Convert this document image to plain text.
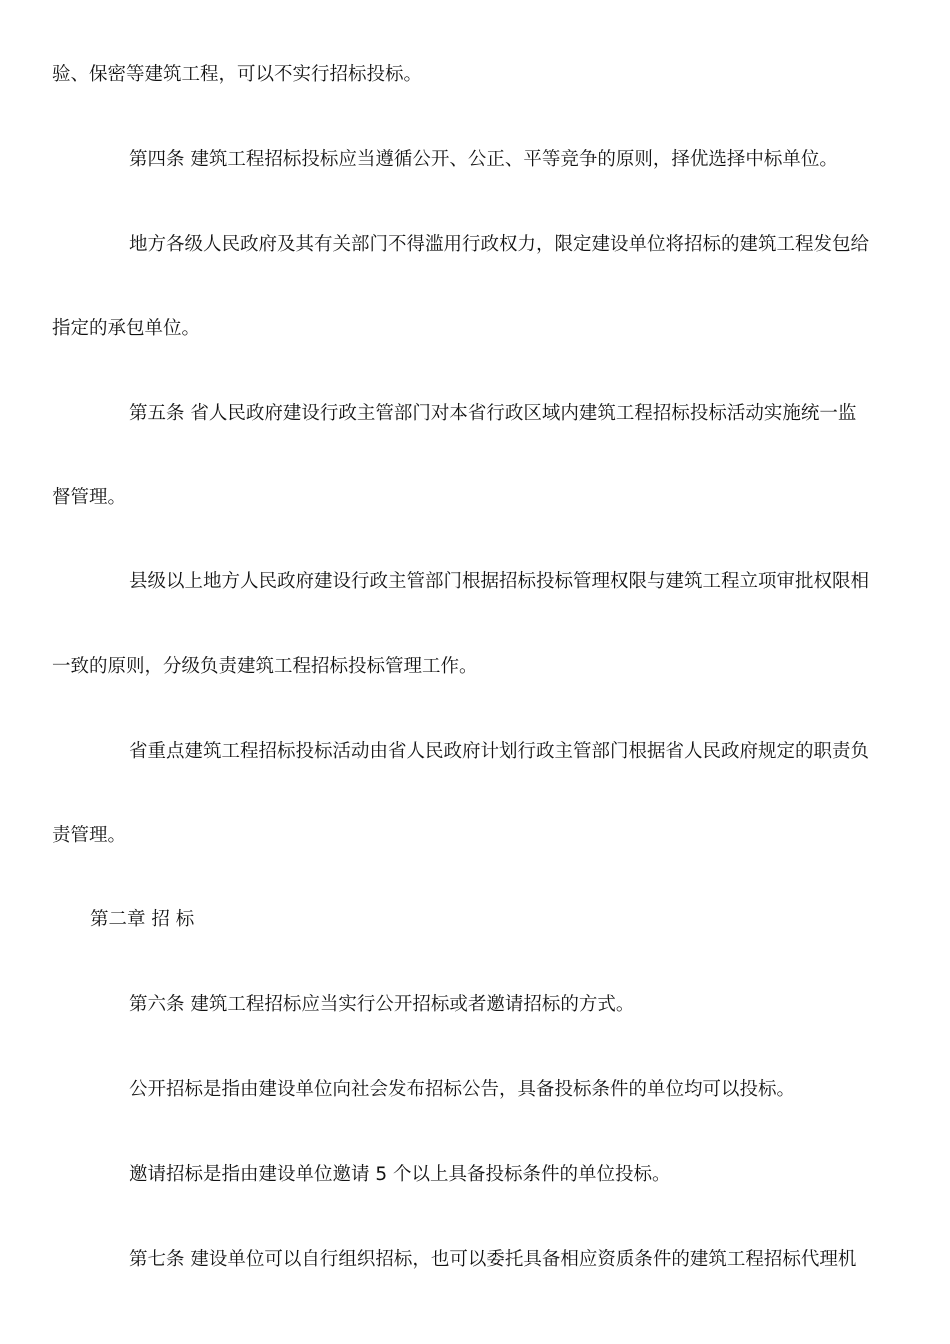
验、保密等建筑工程，可以不实行招标投标。
第四条 建筑工程招标投标应当遵循公开、公正、平等竞争的原则，择优选择中标单位。
地方各级人民政府及其有关部门不得滥用行政权力，限定建设单位将招标的建筑工程发包给
指定的承包单位。
第五条 省人民政府建设行政主管部门对本省行政区域内建筑工程招标投标活动实施统一监
督管理。
县级以上地方人民政府建设行政主管部门根据招标投标管理权限与建筑工程立项审批权限相
一致的原则，分级负责建筑工程招标投标管理工作。
省重点建筑工程招标投标活动由省人民政府计划行政主管部门根据省人民政府规定的职责负
责管理。
第二章 招 标
第六条 建筑工程招标应当实行公开招标或者邀请招标的方式。
公开招标是指由建设单位向社会发布招标公告，具备投标条件的单位均可以投标。
邀请招标是指由建设单位邀请 5 个以上具备投标条件的单位投标。
第七条 建设单位可以自行组织招标，也可以委托具备相应资质条件的建筑工程招标代理机
